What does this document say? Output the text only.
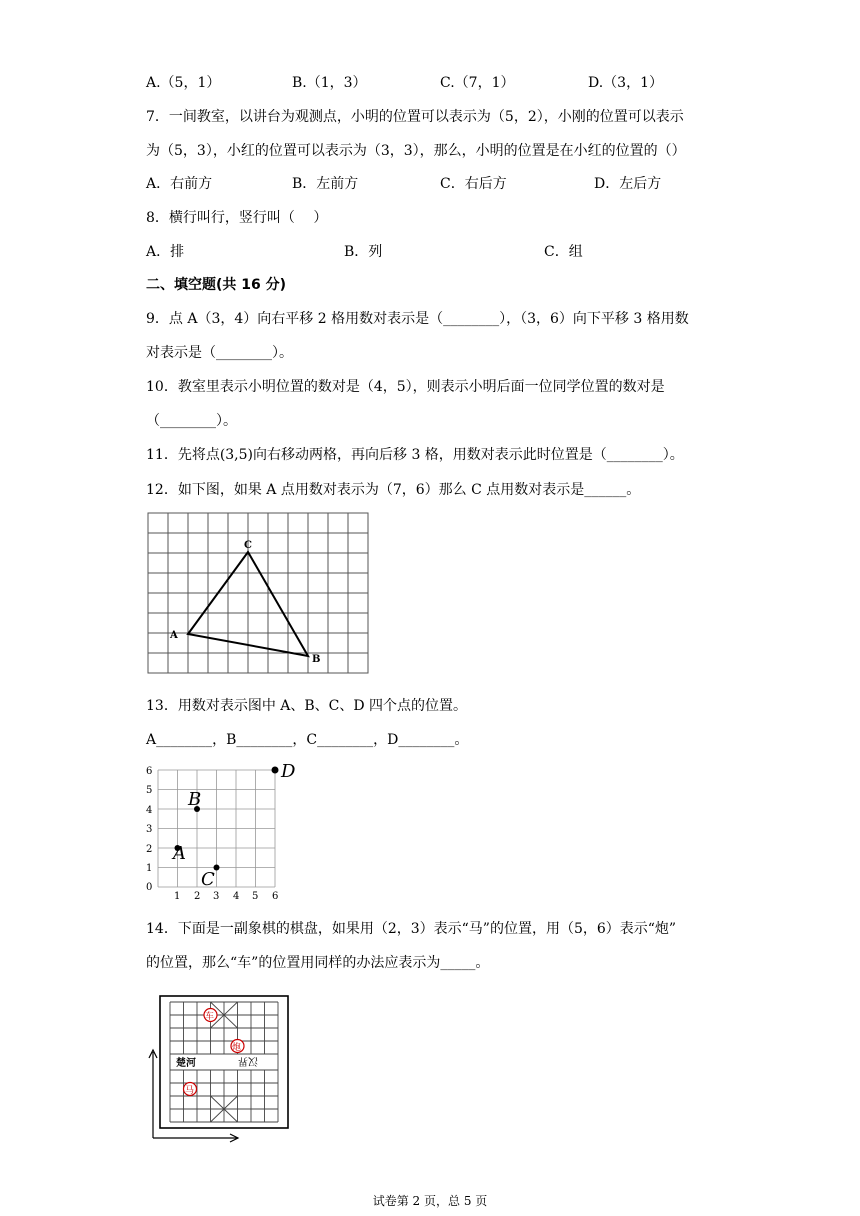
A.（5，1）	B.（1，3）	C.（7，1）	D.（3，1）
7．一间教室，以讲台为观测点，小明的位置可以表示为（5，2），小刚的位置可以表示
为（5，3），小红的位置可以表示为（3，3），那么，小明的位置是在小红的位置的（）
A．右前方	B．左前方	C．右后方	D．左后方
8．横行叫行，竖行叫（　 ）
A．排	B．列	C．组
二、填空题(共 16 分)
9．点 A（3，4）向右平移 2 格用数对表示是（________），（3，6）向下平移 3 格用数
对表示是（________）。
10．教室里表示小明位置的数对是（4，5），则表示小明后面一位同学位置的数对是
（________）。
11．先将点(3,5)向右移动两格，再向后移 3 格，用数对表示此时位置是（________）。
12．如下图，如果 A 点用数对表示为（7，6）那么 C 点用数对表示是______。
C
A
B
13．用数对表示图中 A、B、C、D 四个点的位置。
A________，B________，C________，D________。
6
5
4
3
2
1
0
1 2 3 4 5 6
A
B
C
D
14．下面是一副象棋的棋盘，如果用（2，3）表示“马”的位置，用（5，6）表示“炮”
的位置，那么“车”的位置用同样的办法应表示为_____。
楚河	汉界
车
炮
马
试卷第 2 页，总 5 页
